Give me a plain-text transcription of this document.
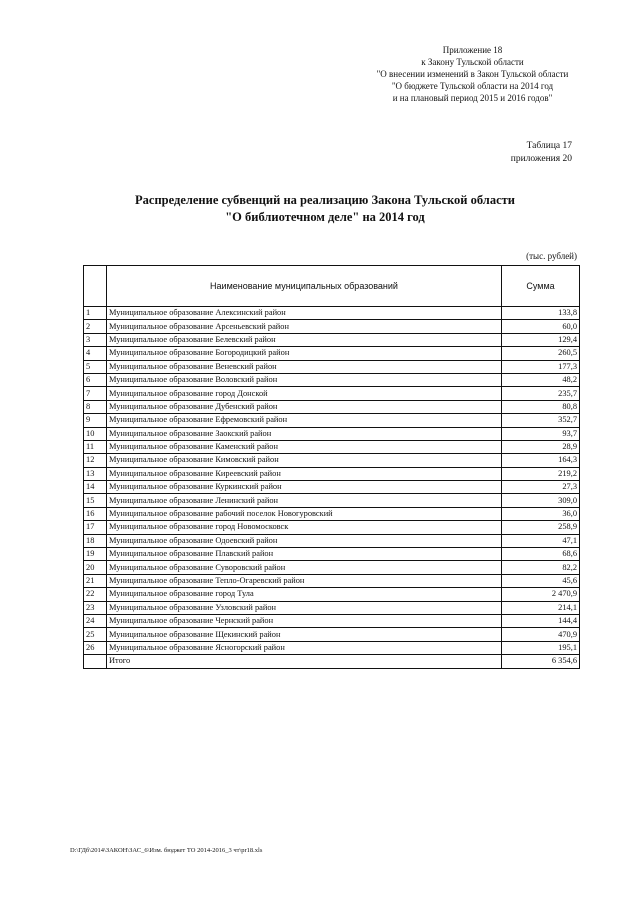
Приложение 18
к Закону Тульской области
"О внесении изменений в Закон Тульской области
"О бюджете Тульской области на 2014 год
и на плановый период 2015 и 2016 годов"
Таблица 17
приложения 20
Распределение субвенций на реализацию Закона Тульской области
"О библиотечном деле" на 2014 год
(тыс. рублей)
	Наименование муниципальных образований	Сумма
1	Муниципальное образование Алексинский район	133,8
2	Муниципальное образование Арсеньевский район	60,0
3	Муниципальное образование Белевский район	129,4
4	Муниципальное образование Богородицкий район	260,5
5	Муниципальное образование Веневский район	177,3
6	Муниципальное образование Воловский район	48,2
7	Муниципальное образование город Донской	235,7
8	Муниципальное образование Дубенский район	80,8
9	Муниципальное образование Ефремовский район	352,7
10	Муниципальное образование Заокский район	93,7
11	Муниципальное образование Каменский район	28,9
12	Муниципальное образование Кимовский район	164,3
13	Муниципальное образование Киреевский район	219,2
14	Муниципальное образование Куркинский район	27,3
15	Муниципальное образование Ленинский район	309,0
16	Муниципальное образование рабочий поселок Новогуровский	36,0
17	Муниципальное образование город Новомосковск	258,9
18	Муниципальное образование Одоевский район	47,1
19	Муниципальное образование Плавский район	68,6
20	Муниципальное образование Суворовский район	82,2
21	Муниципальное образование Тепло-Огаревский район	45,6
22	Муниципальное образование город Тула	2 470,9
23	Муниципальное образование Узловский район	214,1
24	Муниципальное образование Чернский район	144,4
25	Муниципальное образование Щекинский район	470,9
26	Муниципальное образование Ясногорский район	195,1
	Итого	6 354,6
D:\ГДб\2014\ЗАКОН\ЗАС_6\Изм. бюджет ТО 2014-2016_3 чт\pr18.xls
